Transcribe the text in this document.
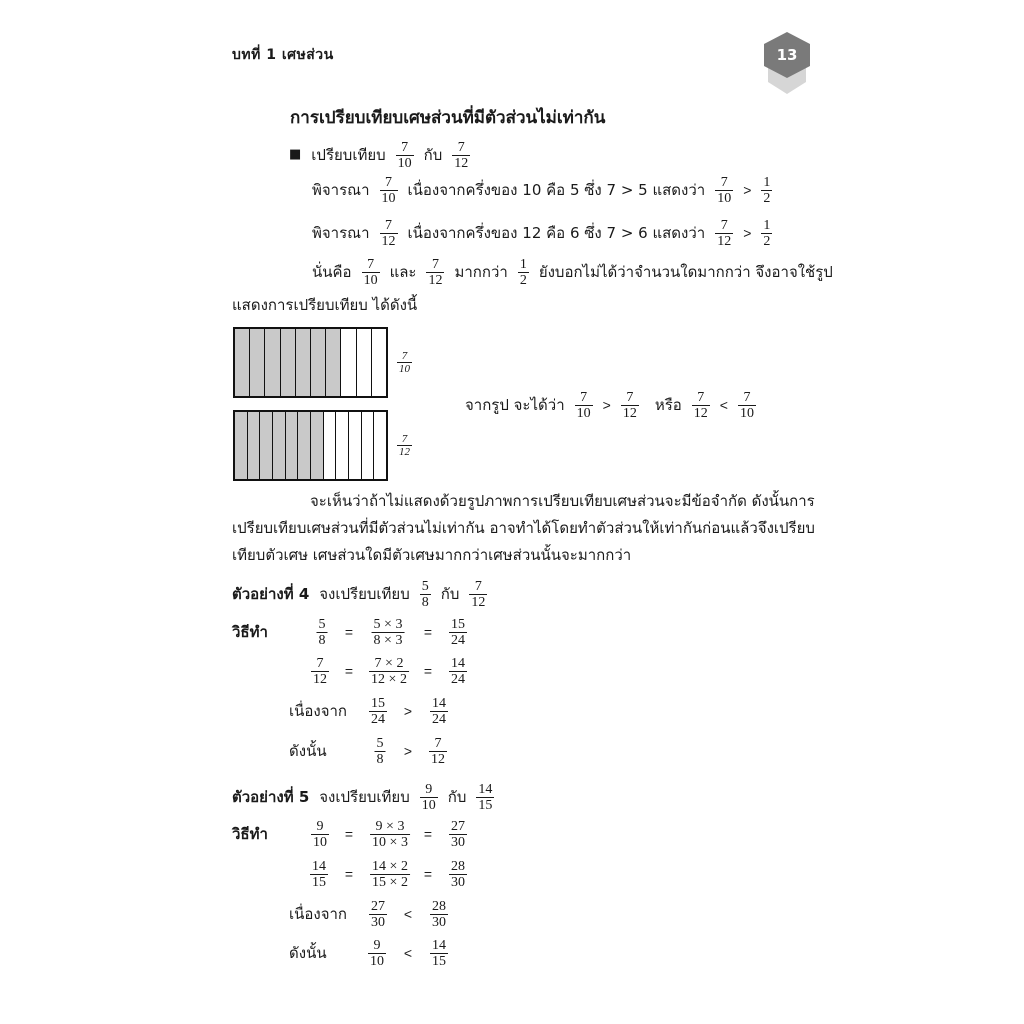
บทที่ 1 เศษส่วน	13
การเปรียบเทียบเศษส่วนที่มีตัวส่วนไม่เท่ากัน
■ เปรียบเทียบ $\frac{7}{10}$ กับ $\frac{7}{12}$
พิจารณา $\frac{7}{10}$ เนื่องจากครึ่งของ 10 คือ 5 ซึ่ง 7 > 5 แสดงว่า $\frac{7}{10} > \frac{1}{2}$
พิจารณา $\frac{7}{12}$ เนื่องจากครึ่งของ 12 คือ 6 ซึ่ง 7 > 6 แสดงว่า $\frac{7}{12} > \frac{1}{2}$
นั่นคือ $\frac{7}{10}$ และ $\frac{7}{12}$ มากกว่า $\frac{1}{2}$ ยังบอกไม่ได้ว่าจำนวนใดมากกว่า จึงอาจใช้รูป
แสดงการเปรียบเทียบ ได้ดังนี้
$\frac{7}{10}$
$\frac{7}{12}$
จากรูป จะได้ว่า $\frac{7}{10} > \frac{7}{12}$ หรือ $\frac{7}{12} < \frac{7}{10}$
จะเห็นว่าถ้าไม่แสดงด้วยรูปภาพการเปรียบเทียบเศษส่วนจะมีข้อจำกัด ดังนั้นการ
เปรียบเทียบเศษส่วนที่มีตัวส่วนไม่เท่ากัน อาจทำได้โดยทำตัวส่วนให้เท่ากันก่อนแล้วจึงเปรียบ
เทียบตัวเศษ เศษส่วนใดมีตัวเศษมากกว่าเศษส่วนนั้นจะมากกว่า
ตัวอย่างที่ 4 จงเปรียบเทียบ $\frac{5}{8}$ กับ $\frac{7}{12}$
วิธีทำ	$\frac{5}{8} = \frac{5 \times 3}{8 \times 3} = \frac{15}{24}$
$\frac{7}{12} = \frac{7 \times 2}{12 \times 2} = \frac{14}{24}$
เนื่องจาก $\frac{15}{24} > \frac{14}{24}$
ดังนั้น	$\frac{5}{8} > \frac{7}{12}$
ตัวอย่างที่ 5 จงเปรียบเทียบ $\frac{9}{10}$ กับ $\frac{14}{15}$
วิธีทำ	$\frac{9}{10} = \frac{9 \times 3}{10 \times 3} = \frac{27}{30}$
$\frac{14}{15} = \frac{14 \times 2}{15 \times 2} = \frac{28}{30}$
เนื่องจาก $\frac{27}{30} < \frac{28}{30}$
ดังนั้น	$\frac{9}{10} < \frac{14}{15}$
